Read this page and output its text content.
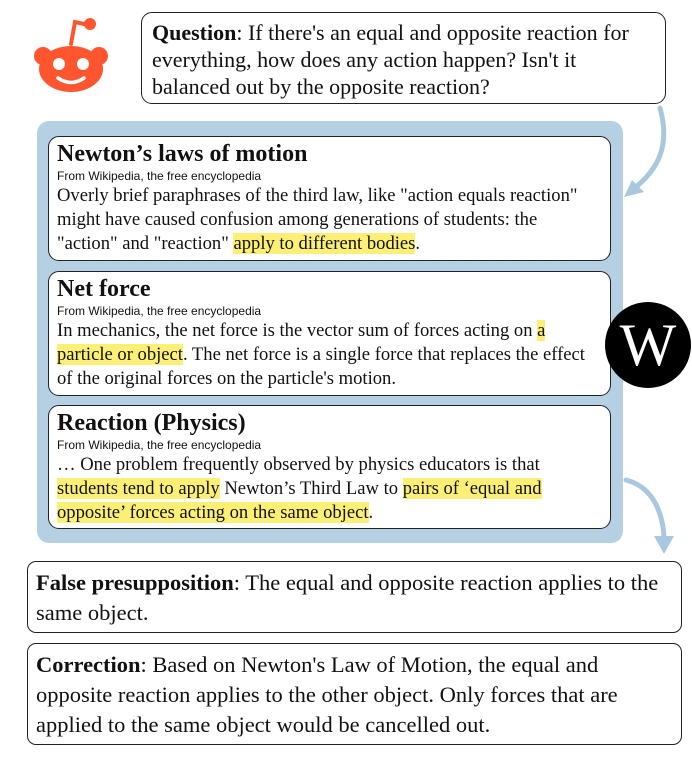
Question: If there's an equal and opposite reaction for everything, how does any action happen? Isn't it balanced out by the opposite reaction?
Newton’s laws of motion
From Wikipedia, the free encyclopedia
Overly brief paraphrases of the third law, like "action equals reaction" might have caused confusion among generations of students: the "action" and "reaction" apply to different bodies.
Net force
From Wikipedia, the free encyclopedia
In mechanics, the net force is the vector sum of forces acting on a particle or object. The net force is a single force that replaces the effect of the original forces on the particle's motion.
Reaction (Physics)
From Wikipedia, the free encyclopedia
… One problem frequently observed by physics educators is that students tend to apply Newton’s Third Law to pairs of ‘equal and opposite’ forces acting on the same object.
W
False presupposition: The equal and opposite reaction applies to the same object.
Correction: Based on Newton's Law of Motion, the equal and opposite reaction applies to the other object. Only forces that are applied to the same object would be cancelled out.
